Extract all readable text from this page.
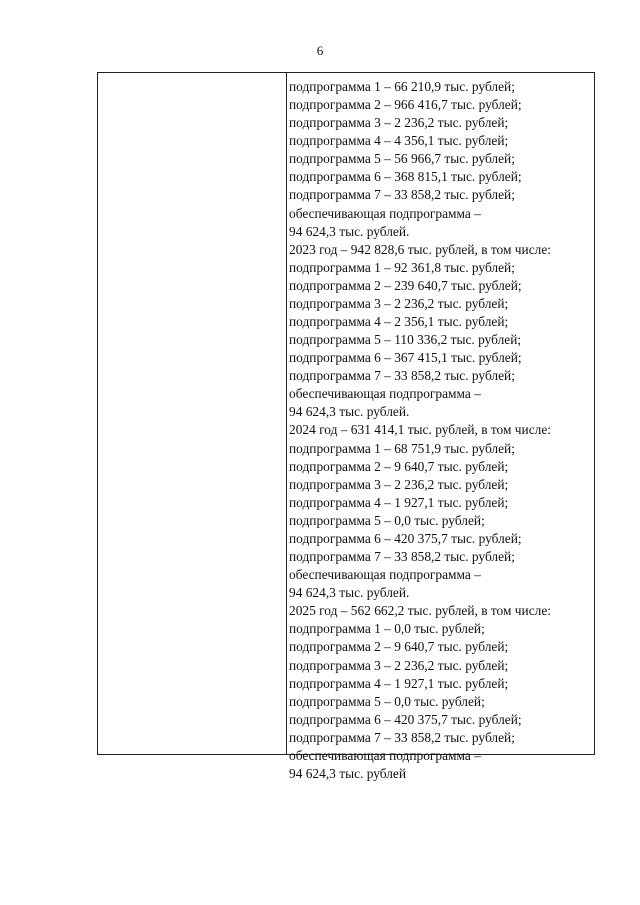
6
подпрограмма 1 – 66 210,9 тыс. рублей;
подпрограмма 2 – 966 416,7 тыс. рублей;
подпрограмма 3 – 2 236,2 тыс. рублей;
подпрограмма 4 – 4 356,1 тыс. рублей;
подпрограмма 5 – 56 966,7 тыс. рублей;
подпрограмма 6 – 368 815,1 тыс. рублей;
подпрограмма 7 – 33 858,2 тыс. рублей;
обеспечивающая подпрограмма –
94 624,3 тыс. рублей.
2023 год – 942 828,6 тыс. рублей, в том числе:
подпрограмма 1 – 92 361,8 тыс. рублей;
подпрограмма 2 – 239 640,7 тыс. рублей;
подпрограмма 3 – 2 236,2 тыс. рублей;
подпрограмма 4 – 2 356,1 тыс. рублей;
подпрограмма 5 – 110 336,2 тыс. рублей;
подпрограмма 6 – 367 415,1 тыс. рублей;
подпрограмма 7 – 33 858,2 тыс. рублей;
обеспечивающая подпрограмма –
94 624,3 тыс. рублей.
2024 год – 631 414,1 тыс. рублей, в том числе:
подпрограмма 1 – 68 751,9 тыс. рублей;
подпрограмма 2 – 9 640,7 тыс. рублей;
подпрограмма 3 – 2 236,2 тыс. рублей;
подпрограмма 4 – 1 927,1 тыс. рублей;
подпрограмма 5 – 0,0 тыс. рублей;
подпрограмма 6 – 420 375,7 тыс. рублей;
подпрограмма 7 – 33 858,2 тыс. рублей;
обеспечивающая подпрограмма –
94 624,3 тыс. рублей.
2025 год – 562 662,2 тыс. рублей, в том числе:
подпрограмма 1 – 0,0 тыс. рублей;
подпрограмма 2 – 9 640,7 тыс. рублей;
подпрограмма 3 – 2 236,2 тыс. рублей;
подпрограмма 4 – 1 927,1 тыс. рублей;
подпрограмма 5 – 0,0 тыс. рублей;
подпрограмма 6 – 420 375,7 тыс. рублей;
подпрограмма 7 – 33 858,2 тыс. рублей;
обеспечивающая подпрограмма –
94 624,3 тыс. рублей
